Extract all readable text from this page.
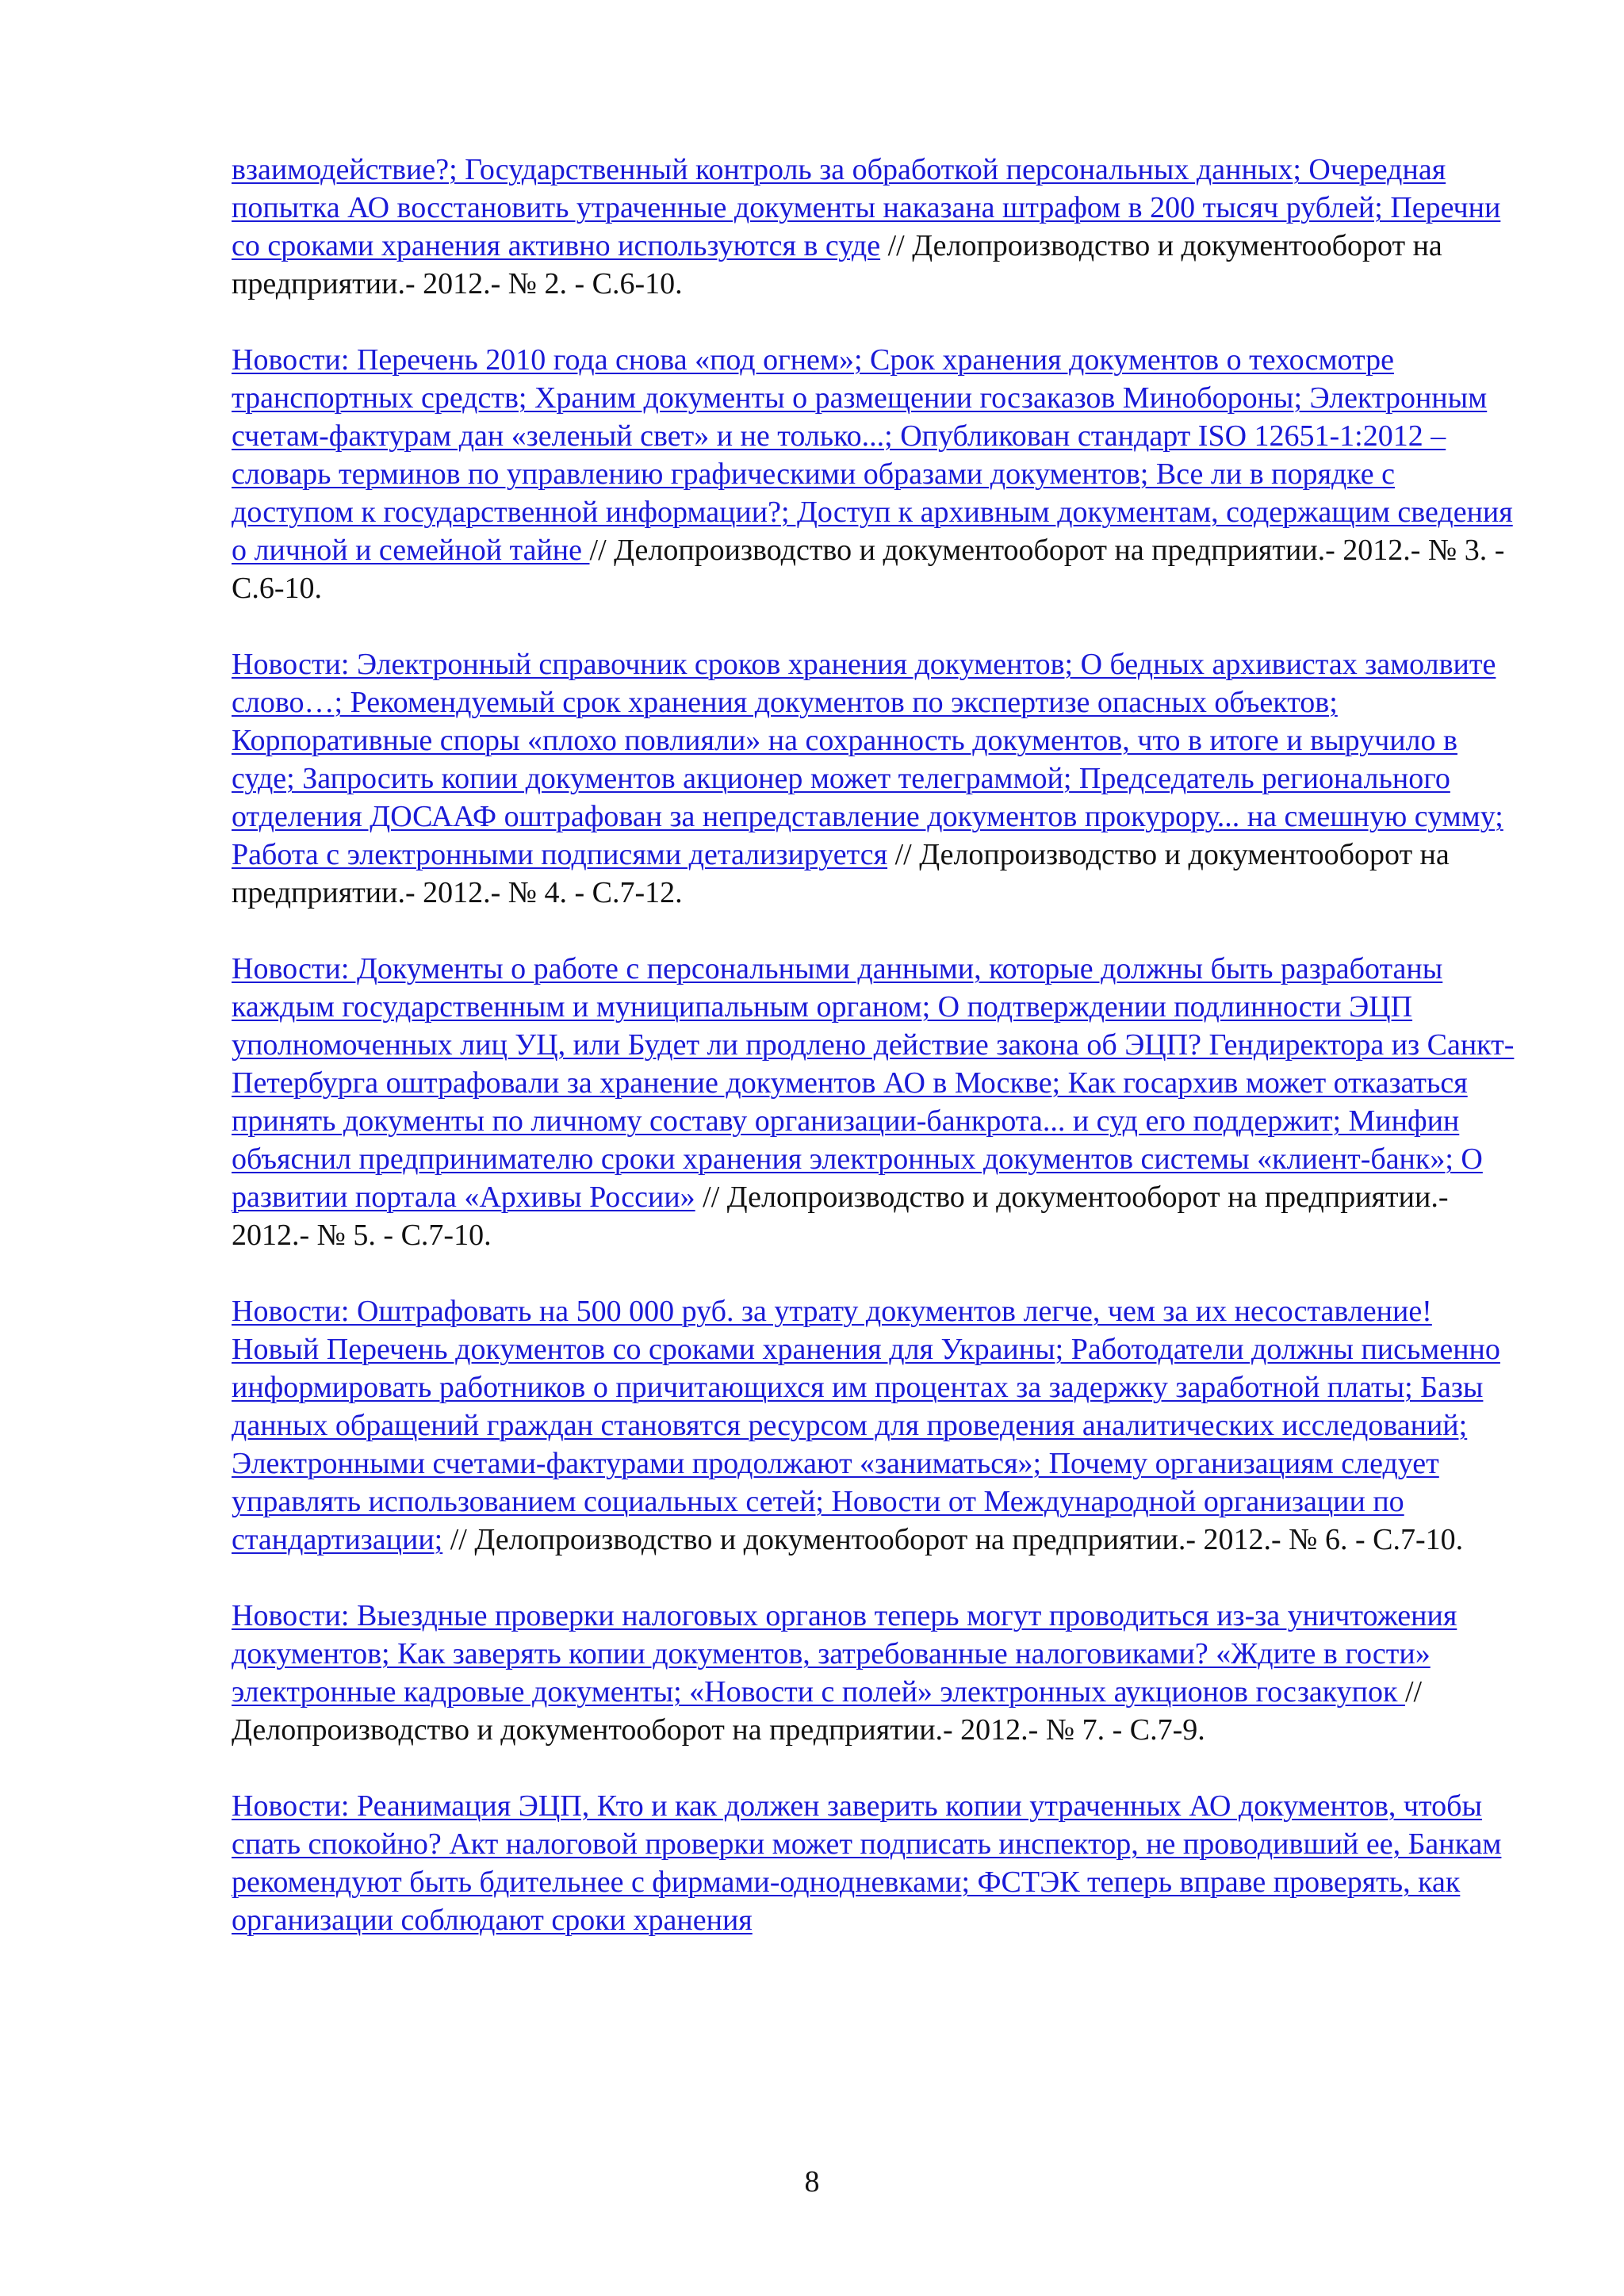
взаимодействие?; Государственный контроль за обработкой персональных данных; Очередная попытка АО восстановить утраченные документы наказана штрафом в 200 тысяч рублей; Перечни со сроками хранения активно используются в суде // Делопроизводство и документооборот на предприятии.- 2012.- № 2. - С.6-10.

Новости: Перечень 2010 года снова «под огнем»; Срок хранения документов о техосмотре транспортных средств; Храним документы о размещении госзаказов Минобороны; Электронным счетам-фактурам дан «зеленый свет» и не только...; Опубликован стандарт ISO 12651-1:2012 – словарь терминов по управлению графическими образами документов; Все ли в порядке с доступом к государственной информации?; Доступ к архивным документам, содержащим сведения о личной и семейной тайне // Делопроизводство и документооборот на предприятии.- 2012.- № 3. - С.6-10.

Новости: Электронный справочник сроков хранения документов; О бедных архивистах замолвите слово…; Рекомендуемый срок хранения документов по экспертизе опасных объектов; Корпоративные споры «плохо повлияли» на сохранность документов, что в итоге и выручило в суде; Запросить копии документов акционер может телеграммой; Председатель регионального отделения ДОСААФ оштрафован за непредставление документов прокурору... на смешную сумму; Работа с электронными подписями детализируется // Делопроизводство и документооборот на предприятии.- 2012.- № 4. - С.7-12.

Новости: Документы о работе с персональными данными, которые должны быть разработаны каждым государственным и муниципальным органом; О подтверждении подлинности ЭЦП уполномоченных лиц УЦ, или Будет ли продлено действие закона об ЭЦП? Гендиректора из Санкт-Петербурга оштрафовали за хранение документов АО в Москве; Как госархив может отказаться принять документы по личному составу организации-банкрота... и суд его поддержит; Минфин объяснил предпринимателю сроки хранения электронных документов системы «клиент-банк»; О развитии портала «Архивы России» // Делопроизводство и документооборот на предприятии.- 2012.- № 5. - С.7-10.

Новости: Оштрафовать на 500 000 руб. за утрату документов легче, чем за их несоставление! Новый Перечень документов со сроками хранения для Украины; Работодатели должны письменно информировать работников о причитающихся им процентах за задержку заработной платы; Базы данных обращений граждан становятся ресурсом для проведения аналитических исследований; Электронными счетами-фактурами продолжают «заниматься»; Почему организациям следует управлять использованием социальных сетей; Новости от Международной организации по стандартизации; // Делопроизводство и документооборот на предприятии.- 2012.- № 6. - С.7-10.

Новости: Выездные проверки налоговых органов теперь могут проводиться из-за уничтожения документов; Как заверять копии документов, затребованные налоговиками? «Ждите в гости» электронные кадровые документы; «Новости с полей» электронных аукционов госзакупок // Делопроизводство и документооборот на предприятии.- 2012.- № 7. - С.7-9.

Новости: Реанимация ЭЦП, Кто и как должен заверить копии утраченных АО документов, чтобы спать спокойно? Акт налоговой проверки может подписать инспектор, не проводивший ее, Банкам рекомендуют быть бдительнее с фирмами-однодневками; ФСТЭК теперь вправе проверять, как организации соблюдают сроки хранения

8
